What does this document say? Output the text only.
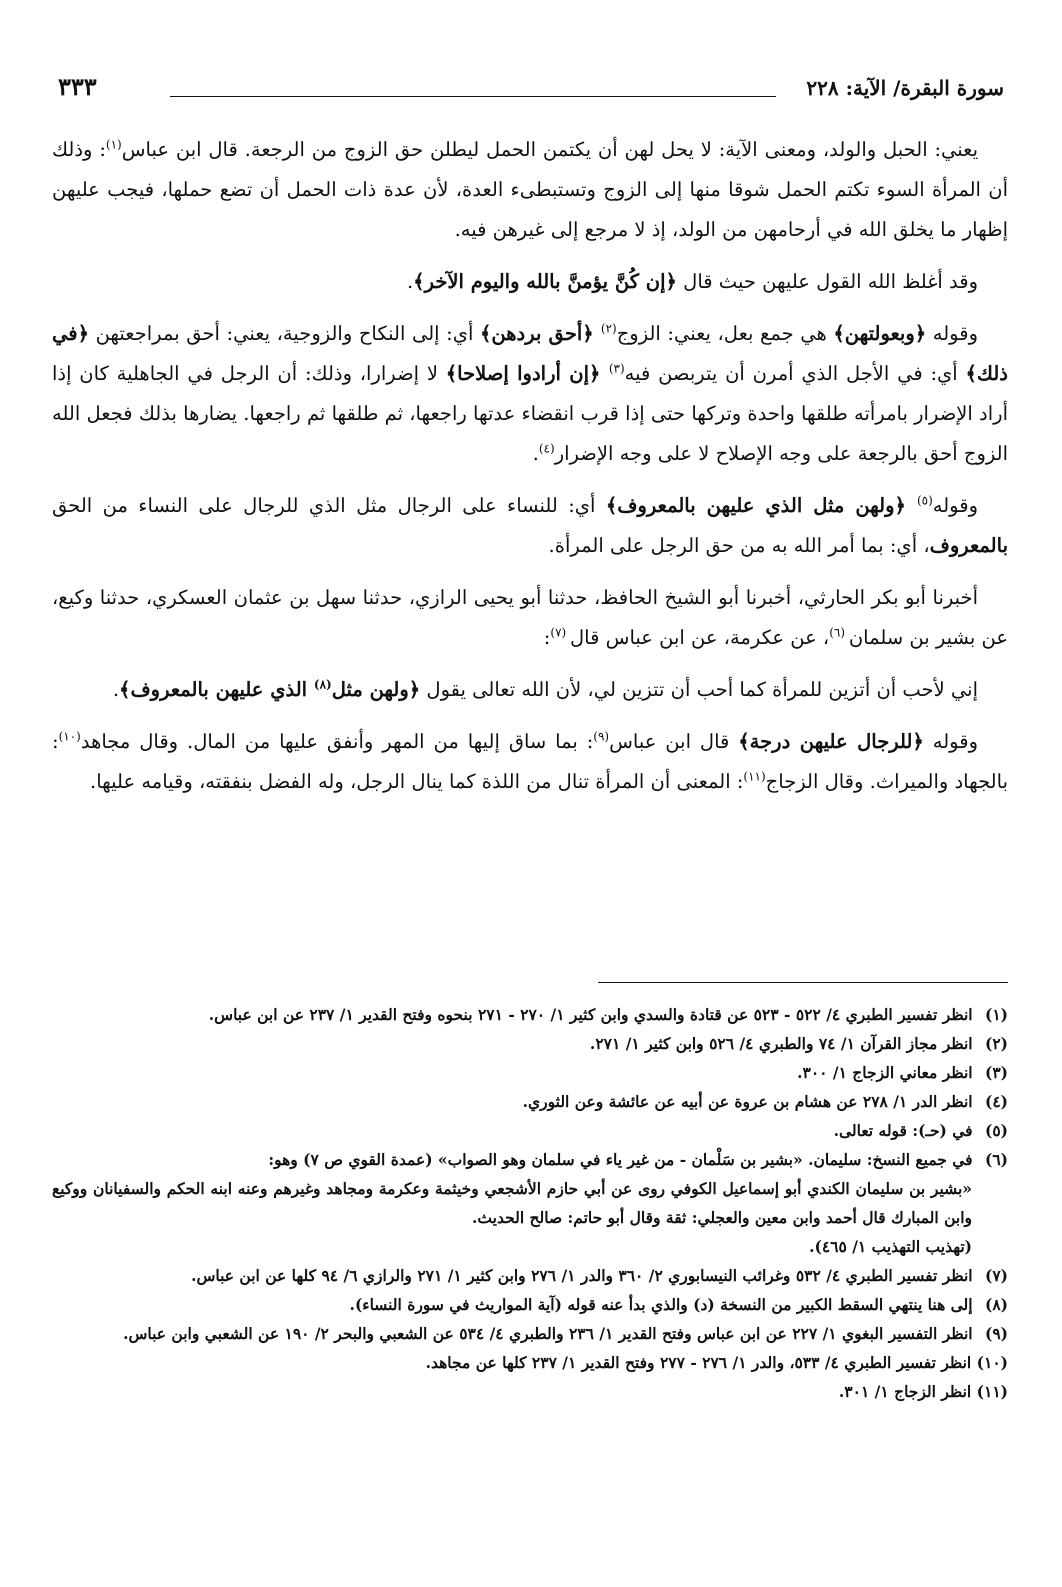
سورة البقرة/ الآية: ٢٢٨
٣٣٣

يعني: الحبل والولد، ومعنى الآية: لا يحل لهن أن يكتمن الحمل ليطلن حق الزوج من الرجعة. قال ابن عباس$^{(١)}$: وذلك أن المرأة السوء تكتم الحمل شوقا منها إلى الزوج وتستبطىء العدة، لأن عدة ذات الحمل أن تضع حملها، فيجب عليهن إظهار ما يخلق الله في أرحامهن من الولد، إذ لا مرجع إلى غيرهن فيه.

وقد أغلظ الله القول عليهن حيث قال ﴿إن كُنَّ يؤمنَّ بالله واليوم الآخر﴾.

وقوله ﴿وبعولتهن﴾ هي جمع بعل، يعني: الزوج$^{(٢)}$ ﴿أحق بردهن﴾ أي: إلى النكاح والزوجية، يعني: أحق بمراجعتهن ﴿في ذلك﴾ أي: في الأجل الذي أمرن أن يتربصن فيه$^{(٣)}$ ﴿إن أرادوا إصلاحا﴾ لا إضرارا، وذلك: أن الرجل في الجاهلية كان إذا أراد الإضرار بامرأته طلقها واحدة وتركها حتى إذا قرب انقضاء عدتها راجعها، ثم طلقها ثم راجعها. يضارها بذلك فجعل الله الزوج أحق بالرجعة على وجه الإصلاح لا على وجه الإضرار$^{(٤)}$.

وقوله$^{(٥)}$ ﴿ولهن مثل الذي عليهن بالمعروف﴾ أي: للنساء على الرجال مثل الذي للرجال على النساء من الحق بالمعروف، أي: بما أمر الله به من حق الرجل على المرأة.

أخبرنا أبو بكر الحارثي، أخبرنا أبو الشيخ الحافظ، حدثنا أبو يحيى الرازي، حدثنا سهل بن عثمان العسكري، حدثنا وكيع، عن بشير بن سلمان $^{(٦)}$، عن عكرمة، عن ابن عباس قال $^{(٧)}$:

إني لأحب أن أتزين للمرأة كما أحب أن تتزين لي، لأن الله تعالى يقول ﴿ولهن مثل$^{(٨)}$ الذي عليهن بالمعروف﴾.

وقوله ﴿للرجال عليهن درجة﴾ قال ابن عباس$^{(٩)}$: بما ساق إليها من المهر وأنفق عليها من المال. وقال مجاهد$^{(١٠)}$: بالجهاد والميراث. وقال الزجاج$^{(١١)}$: المعنى أن المرأة تنال من اللذة كما ينال الرجل، وله الفضل بنفقته، وقيامه عليها.

(١) انظر تفسير الطبري ٤/ ٥٢٢ - ٥٢٣ عن قتادة والسدي وابن كثير ١/ ٢٧٠ - ٢٧١ بنحوه وفتح القدير ١/ ٢٣٧ عن ابن عباس.

(٢) انظر مجاز القرآن ١/ ٧٤ والطبري ٤/ ٥٢٦ وابن كثير ١/ ٢٧١.

(٣) انظر معاني الزجاج ١/ ٣٠٠.

(٤) انظر الدر ١/ ٢٧٨ عن هشام بن عروة عن أبيه عن عائشة وعن الثوري.

(٥) في (حـ): قوله تعالى.

(٦) في جميع النسخ: سليمان. «بشير بن سَلْمان - من غير ياء في سلمان وهو الصواب» (عمدة القوي ص ٧) وهو:

«بشير بن سليمان الكندي أبو إسماعيل الكوفي روى عن أبي حازم الأشجعي وخيثمة وعكرمة ومجاهد وغيرهم وعنه ابنه الحكم والسفيانان ووكيع وابن المبارك قال أحمد وابن معين والعجلي: ثقة وقال أبو حاتم: صالح الحديث.

(تهذيب التهذيب ١/ ٤٦٥).

(٧) انظر تفسير الطبري ٤/ ٥٣٢ وغرائب النيسابوري ٢/ ٣٦٠ والدر ١/ ٢٧٦ وابن كثير ١/ ٢٧١ والرازي ٦/ ٩٤ كلها عن ابن عباس.

(٨) إلى هنا ينتهي السقط الكبير من النسخة (د) والذي بدأ عنه قوله (آية المواريث في سورة النساء).

(٩) انظر التفسير البغوي ١/ ٢٢٧ عن ابن عباس وفتح القدير ١/ ٢٣٦ والطبري ٤/ ٥٣٤ عن الشعبي والبحر ٢/ ١٩٠ عن الشعبي وابن عباس.

(١٠) انظر تفسير الطبري ٤/ ٥٣٣، والدر ١/ ٢٧٦ - ٢٧٧ وفتح القدير ١/ ٢٣٧ كلها عن مجاهد.

(١١) انظر الزجاج ١/ ٣٠١.
